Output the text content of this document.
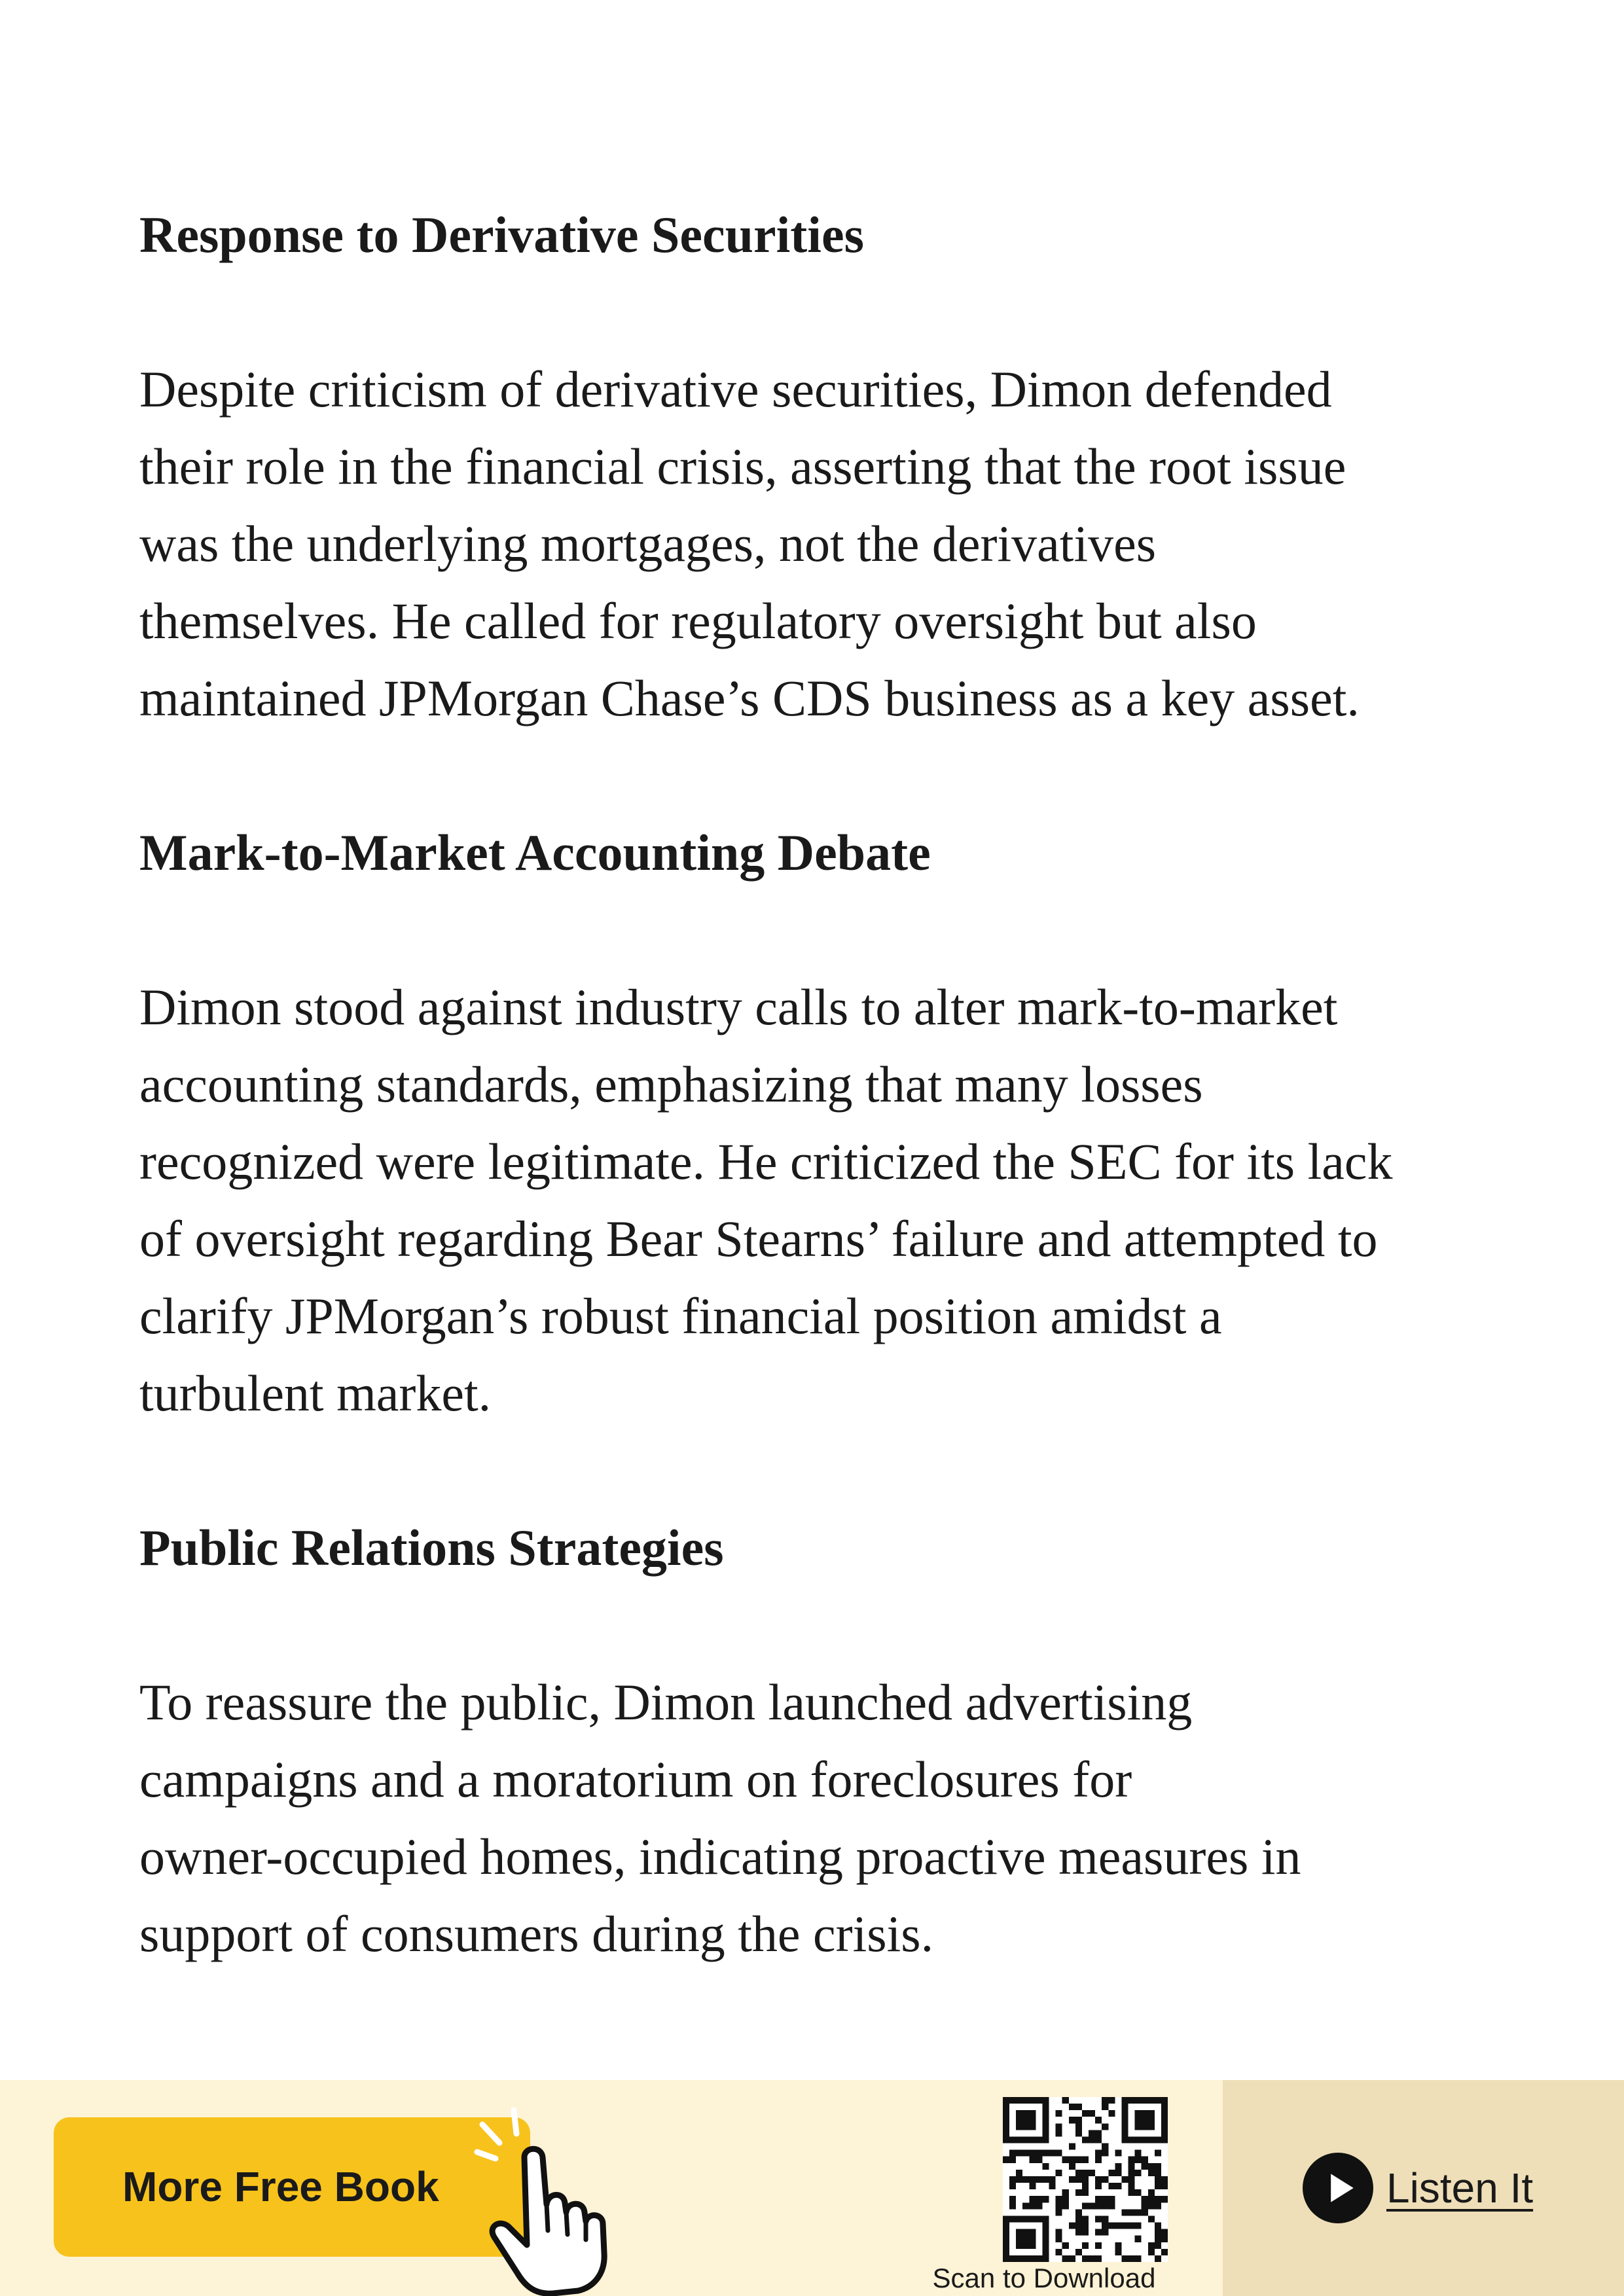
Response to Derivative Securities

Despite criticism of derivative securities, Dimon defended
their role in the financial crisis, asserting that the root issue
was the underlying mortgages, not the derivatives
themselves. He called for regulatory oversight but also
maintained JPMorgan Chase’s CDS business as a key asset.

Mark-to-Market Accounting Debate

Dimon stood against industry calls to alter mark-to-market
accounting standards, emphasizing that many losses
recognized were legitimate. He criticized the SEC for its lack
of oversight regarding Bear Stearns’ failure and attempted to
clarify JPMorgan’s robust financial position amidst a
turbulent market.

Public Relations Strategies

To reassure the public, Dimon launched advertising
campaigns and a moratorium on foreclosures for
owner-occupied homes, indicating proactive measures in
support of consumers during the crisis.

More Free Book
Scan to Download
Listen It
